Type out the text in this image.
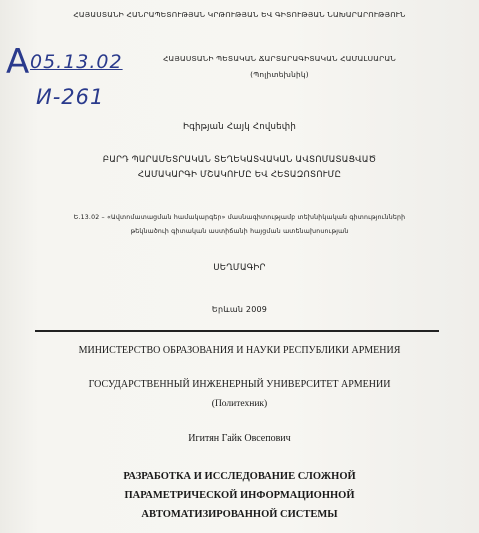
ՀԱՅԱՍՏԱՆԻ ՀԱՆՐԱՊԵՏՈՒԹՅԱՆ ԿՐԹՈՒԹՅԱՆ ԵՎ ԳԻՏՈՒԹՅԱՆ ՆԱԽԱՐԱՐՈՒԹՅՈՒՆ
А 05.13.02
И-261
ՀԱՅԱՍՏԱՆԻ ՊԵՏԱԿԱՆ ՃԱՐՏԱՐԱԳԻՏԱԿԱՆ ՀԱՄԱԼՍԱՐԱՆ
(Պոլիտեխնիկ)
Իգիթյան Հայկ Հովսեփի
ԲԱՐԴ ՊԱՐԱՄԵՏՐԱԿԱՆ ՏԵՂԵԿԱՏՎԱԿԱՆ ԱՎՏՈՄԱՏԱՑՎԱԾ
ՀԱՄԱԿԱՐԳԻ ՄՇԱԿՈՒՄԸ ԵՎ ՀԵՏԱԶՈՏՈՒՄԸ
Ե.13.02 – «Ավտոմատացման համակարգեր» մասնագիտությամբ տեխնիկական գիտությունների
թեկնածուի գիտական աստիճանի հայցման ատենախոսության
ՍԵՂՄԱԳԻՐ
Երևան 2009
МИНИСТЕРСТВО ОБРАЗОВАНИЯ И НАУКИ РЕСПУБЛИКИ АРМЕНИЯ
ГОСУДАРСТВЕННЫЙ ИНЖЕНЕРНЫЙ УНИВЕРСИТЕТ АРМЕНИИ
(Политехник)
Игитян Гайк Овсепович
РАЗРАБОТКА И ИССЛЕДОВАНИЕ СЛОЖНОЙ
ПАРАМЕТРИЧЕСКОЙ ИНФОРМАЦИОННОЙ
АВТОМАТИЗИРОВАННОЙ СИСТЕМЫ
